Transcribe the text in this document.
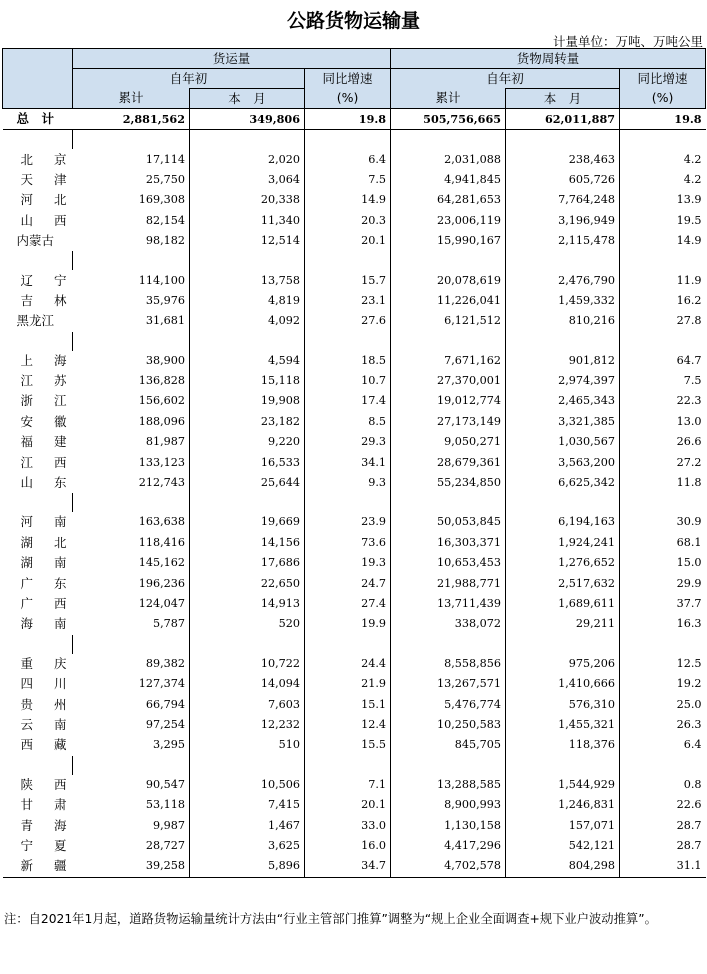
公路货物运输量
计量单位：万吨、万吨公里
	货运量			货物周转量		
	自年初		同比增速	自年初		同比增速
	累计	本　月	(%)	累计	本　月	(%)
总　计	2,881,562	349,806	19.8	505,756,665	62,011,887	19.8

北京	17,114	2,020	6.4	2,031,088	238,463	4.2
天津	25,750	3,064	7.5	4,941,845	605,726	4.2
河北	169,308	20,338	14.9	64,281,653	7,764,248	13.9
山西	82,154	11,340	20.3	23,006,119	3,196,949	19.5
内蒙古	98,182	12,514	20.1	15,990,167	2,115,478	14.9

辽宁	114,100	13,758	15.7	20,078,619	2,476,790	11.9
吉林	35,976	4,819	23.1	11,226,041	1,459,332	16.2
黑龙江	31,681	4,092	27.6	6,121,512	810,216	27.8

上海	38,900	4,594	18.5	7,671,162	901,812	64.7
江苏	136,828	15,118	10.7	27,370,001	2,974,397	7.5
浙江	156,602	19,908	17.4	19,012,774	2,465,343	22.3
安徽	188,096	23,182	8.5	27,173,149	3,321,385	13.0
福建	81,987	9,220	29.3	9,050,271	1,030,567	26.6
江西	133,123	16,533	34.1	28,679,361	3,563,200	27.2
山东	212,743	25,644	9.3	55,234,850	6,625,342	11.8

河南	163,638	19,669	23.9	50,053,845	6,194,163	30.9
湖北	118,416	14,156	73.6	16,303,371	1,924,241	68.1
湖南	145,162	17,686	19.3	10,653,453	1,276,652	15.0
广东	196,236	22,650	24.7	21,988,771	2,517,632	29.9
广西	124,047	14,913	27.4	13,711,439	1,689,611	37.7
海南	5,787	520	19.9	338,072	29,211	16.3

重庆	89,382	10,722	24.4	8,558,856	975,206	12.5
四川	127,374	14,094	21.9	13,267,571	1,410,666	19.2
贵州	66,794	7,603	15.1	5,476,774	576,310	25.0
云南	97,254	12,232	12.4	10,250,583	1,455,321	26.3
西藏	3,295	510	15.5	845,705	118,376	6.4

陕西	90,547	10,506	7.1	13,288,585	1,544,929	0.8
甘肃	53,118	7,415	20.1	8,900,993	1,246,831	22.6
青海	9,987	1,467	33.0	1,130,158	157,071	28.7
宁夏	28,727	3,625	16.0	4,417,296	542,121	28.7
新疆	39,258	5,896	34.7	4,702,578	804,298	31.1
注：自2021年1月起，道路货物运输量统计方法由“行业主管部门推算”调整为“规上企业全面调查+规下业户波动推算”。
